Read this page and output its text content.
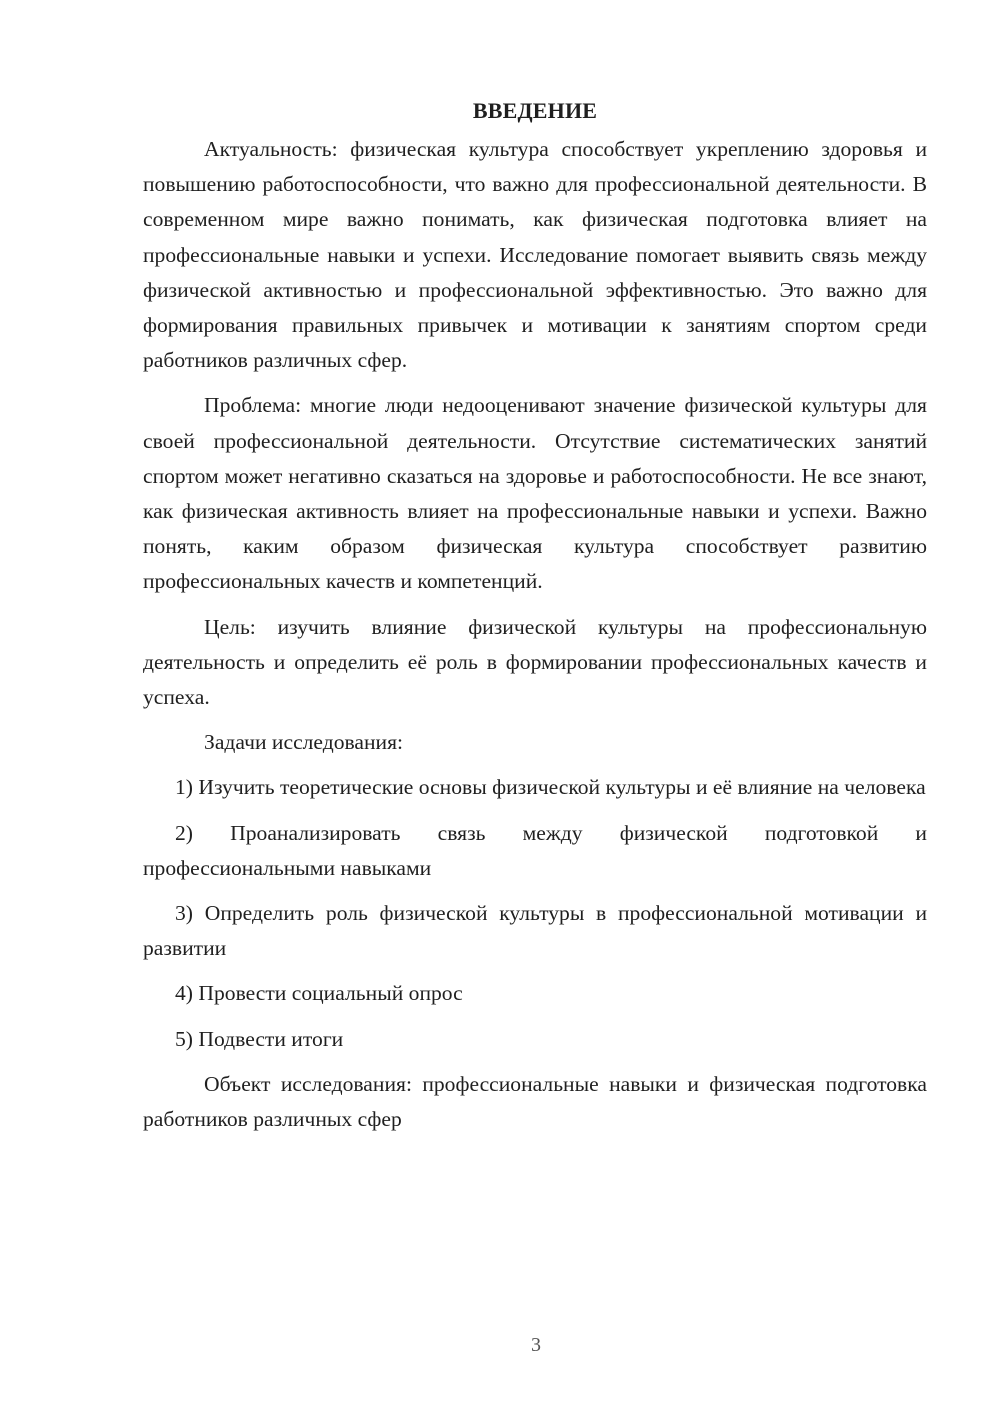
ВВЕДЕНИЕ

Актуальность: физическая культура способствует укреплению здоровья и повышению работоспособности, что важно для профессиональной деятельности. В современном мире важно понимать, как физическая подготовка влияет на профессиональные навыки и успехи. Исследование помогает выявить связь между физической активностью и профессиональной эффективностью. Это важно для формирования правильных привычек и мотивации к занятиям спортом среди работников различных сфер.

Проблема: многие люди недооценивают значение физической культуры для своей профессиональной деятельности. Отсутствие систематических занятий спортом может негативно сказаться на здоровье и работоспособности. Не все знают, как физическая активность влияет на профессиональные навыки и успехи. Важно понять, каким образом физическая культура способствует развитию профессиональных качеств и компетенций.

Цель: изучить влияние физической культуры на профессиональную деятельность и определить её роль в формировании профессиональных качеств и успеха.

Задачи исследования:

1) Изучить теоретические основы физической культуры и её влияние на человека

2) Проанализировать связь между физической подготовкой и профессиональными навыками

3) Определить роль физической культуры в профессиональной мотивации и развитии

4) Провести социальный опрос

5) Подвести итоги

Объект исследования: профессиональные навыки и физическая подготовка работников различных сфер

3
